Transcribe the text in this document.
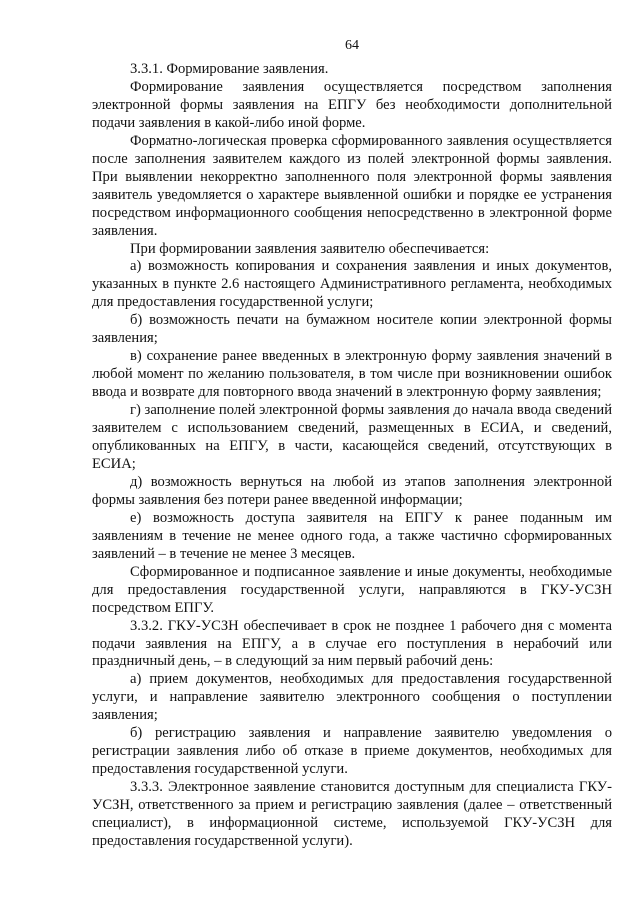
64

3.3.1. Формирование заявления.

Формирование заявления осуществляется посредством заполнения электронной формы заявления на ЕПГУ без необходимости дополнительной подачи заявления в какой-либо иной форме.

Форматно-логическая проверка сформированного заявления осуществляется после заполнения заявителем каждого из полей электронной формы заявления. При выявлении некорректно заполненного поля электронной формы заявления заявитель уведомляется о характере выявленной ошибки и порядке ее устранения посредством информационного сообщения непосредственно в электронной форме заявления.

При формировании заявления заявителю обеспечивается:

а) возможность копирования и сохранения заявления и иных документов, указанных в пункте 2.6 настоящего Административного регламента, необходимых для предоставления государственной услуги;

б) возможность печати на бумажном носителе копии электронной формы заявления;

в) сохранение ранее введенных в электронную форму заявления значений в любой момент по желанию пользователя, в том числе при возникновении ошибок ввода и возврате для повторного ввода значений в электронную форму заявления;

г) заполнение полей электронной формы заявления до начала ввода сведений заявителем с использованием сведений, размещенных в ЕСИА, и сведений, опубликованных на ЕПГУ, в части, касающейся сведений, отсутствующих в ЕСИА;

д) возможность вернуться на любой из этапов заполнения электронной формы заявления без потери ранее введенной информации;

е) возможность доступа заявителя на ЕПГУ к ранее поданным им заявлениям в течение не менее одного года, а также частично сформированных заявлений – в течение не менее 3 месяцев.

Сформированное и подписанное заявление и иные документы, необходимые для предоставления государственной услуги, направляются в ГКУ-УСЗН посредством ЕПГУ.

3.3.2. ГКУ-УСЗН обеспечивает в срок не позднее 1 рабочего дня с момента подачи заявления на ЕПГУ, а в случае его поступления в нерабочий или праздничный день, – в следующий за ним первый рабочий день:

а) прием документов, необходимых для предоставления государственной услуги, и направление заявителю электронного сообщения о поступлении заявления;

б) регистрацию заявления и направление заявителю уведомления о регистрации заявления либо об отказе в приеме документов, необходимых для предоставления государственной услуги.

3.3.3. Электронное заявление становится доступным для специалиста ГКУ-УСЗН, ответственного за прием и регистрацию заявления (далее – ответственный специалист), в информационной системе, используемой ГКУ-УСЗН для предоставления государственной услуги).
